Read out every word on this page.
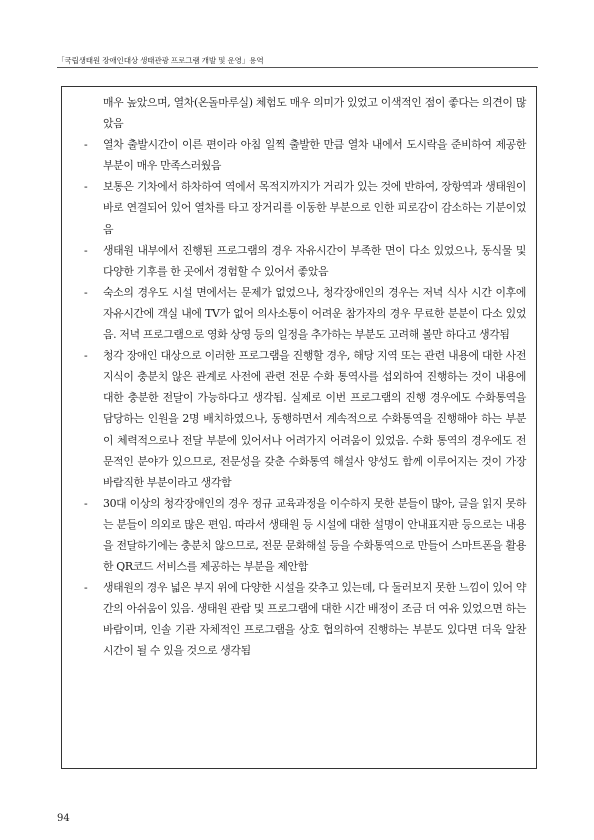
「국립생태원 장애인대상 생태관광 프로그램 개발 및 운영」용역

매우 높았으며, 열차(온돌마루실) 체험도 매우 의미가 있었고 이색적인 점이 좋다는 의견이 많았음

-	열차 출발시간이 이른 편이라 아침 일찍 출발한 만큼 열차 내에서 도시락을 준비하여 제공한 부분이 매우 만족스러웠음
-	보통은 기차에서 하차하여 역에서 목적지까지가 거리가 있는 것에 반하여, 장항역과 생태원이 바로 연결되어 있어 열차를 타고 장거리를 이동한 부분으로 인한 피로감이 감소하는 기분이었음
-	생태원 내부에서 진행된 프로그램의 경우 자유시간이 부족한 면이 다소 있었으나, 동식물 및 다양한 기후를 한 곳에서 경험할 수 있어서 좋았음
-	숙소의 경우도 시설 면에서는 문제가 없었으나, 청각장애인의 경우는 저녁 식사 시간 이후에 자유시간에 객실 내에 TV가 없어 의사소통이 어려운 참가자의 경우 무료한 분분이 다소 있었음. 저녁 프로그램으로 영화 상영 등의 일정을 추가하는 부분도 고려해 볼만 하다고 생각됨
-	청각 장애인 대상으로 이러한 프로그램을 진행할 경우, 해당 지역 또는 관련 내용에 대한 사전 지식이 충분치 않은 관계로 사전에 관련 전문 수화 통역사를 섭외하여 진행하는 것이 내용에 대한 충분한 전달이 가능하다고 생각됨. 실제로 이번 프로그램의 진행 경우에도 수화통역을 담당하는 인원을 2명 배치하였으나, 동행하면서 계속적으로 수화통역을 진행해야 하는 부분이 체력적으로나 전달 부분에 있어서나 어려가지 어려움이 있었음. 수화 통역의 경우에도 전문적인 분야가 있으므로, 전문성을 갖춘 수화통역 해설사 양성도 함께 이루어지는 것이 가장 바람직한 부분이라고 생각함
-	30대 이상의 청각장애인의 경우 정규 교육과정을 이수하지 못한 분들이 많아, 글을 읽지 못하는 분들이 의외로 많은 편임. 따라서 생태원 등 시설에 대한 설명이 안내표지판 등으로는 내용을 전달하기에는 충분치 않으므로, 전문 문화해설 등을 수화통역으로 만들어 스마트폰을 활용한 QR코드 서비스를 제공하는 부분을 제안함
-	생태원의 경우 넓은 부지 위에 다양한 시설을 갖추고 있는데, 다 둘러보지 못한 느낌이 있어 약간의 아쉬움이 있음. 생태원 관람 및 프로그램에 대한 시간 배정이 조금 더 여유 있었으면 하는 바람이며, 인솔 기관 자체적인 프로그램을 상호 협의하여 진행하는 부분도 있다면 더욱 알찬 시간이 될 수 있을 것으로 생각됨
94
